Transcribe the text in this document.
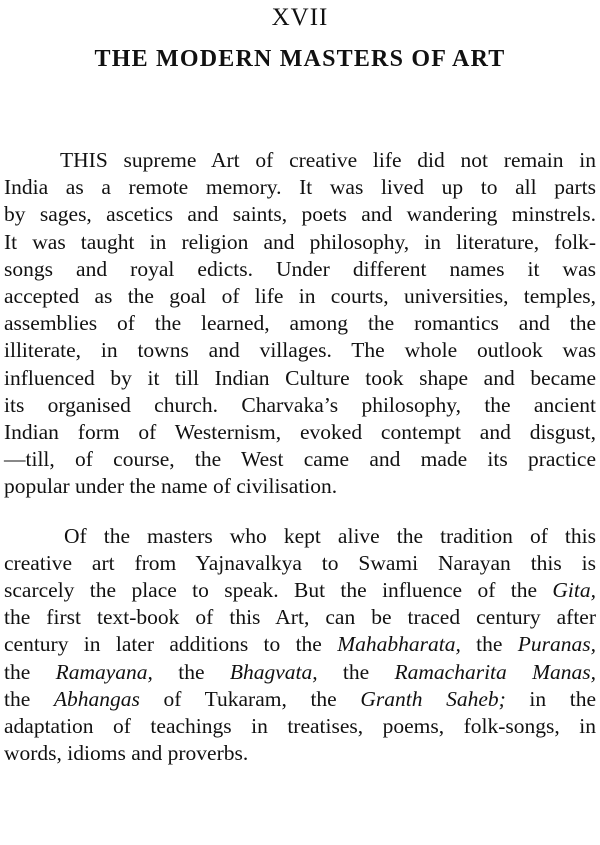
XVII
THE MODERN MASTERS OF ART
THIS supreme Art of creative life did not remain in
India as a remote memory. It was lived up to all parts
by sages, ascetics and saints, poets and wandering minstrels.
It was taught in religion and philosophy, in literature, folk-
songs and royal edicts. Under different names it was
accepted as the goal of life in courts, universities, temples,
assemblies of the learned, among the romantics and the
illiterate, in towns and villages. The whole outlook was
influenced by it till Indian Culture took shape and became
its organised church. Charvaka’s philosophy, the ancient
Indian form of Westernism, evoked contempt and disgust,
—till, of course, the West came and made its practice
popular under the name of civilisation.
Of the masters who kept alive the tradition of this
creative art from Yajnavalkya to Swami Narayan this is
scarcely the place to speak. But the influence of the Gita,
the first text-book of this Art, can be traced century after
century in later additions to the Mahabharata, the Puranas,
the Ramayana, the Bhagvata, the Ramacharita Manas,
the Abhangas of Tukaram, the Granth Saheb; in the
adaptation of teachings in treatises, poems, folk-songs, in
words, idioms and proverbs.
